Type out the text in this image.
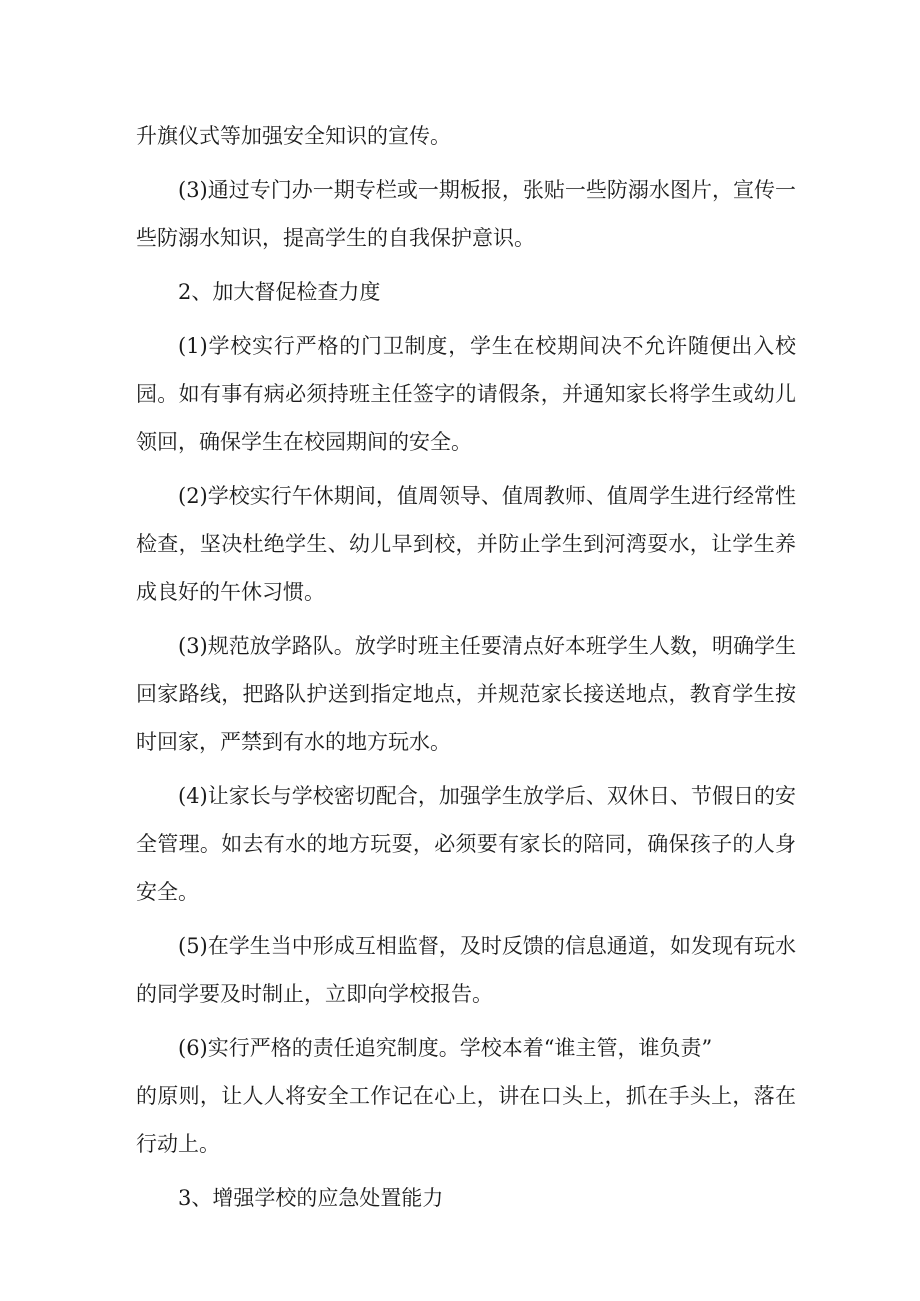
升旗仪式等加强安全知识的宣传。

(3)通过专门办一期专栏或一期板报，张贴一些防溺水图片，宣传一些防溺水知识，提高学生的自我保护意识。

2、加大督促检查力度

(1)学校实行严格的门卫制度，学生在校期间决不允许随便出入校园。如有事有病必须持班主任签字的请假条，并通知家长将学生或幼儿领回，确保学生在校园期间的安全。

(2)学校实行午休期间，值周领导、值周教师、值周学生进行经常性检查，坚决杜绝学生、幼儿早到校，并防止学生到河湾耍水，让学生养成良好的午休习惯。

(3)规范放学路队。放学时班主任要清点好本班学生人数，明确学生回家路线，把路队护送到指定地点，并规范家长接送地点，教育学生按时回家，严禁到有水的地方玩水。

(4)让家长与学校密切配合，加强学生放学后、双休日、节假日的安全管理。如去有水的地方玩耍，必须要有家长的陪同，确保孩子的人身安全。

(5)在学生当中形成互相监督，及时反馈的信息通道，如发现有玩水的同学要及时制止，立即向学校报告。

(6)实行严格的责任追究制度。学校本着“谁主管，谁负责”

的原则，让人人将安全工作记在心上，讲在口头上，抓在手头上，落在行动上。

3、增强学校的应急处置能力
